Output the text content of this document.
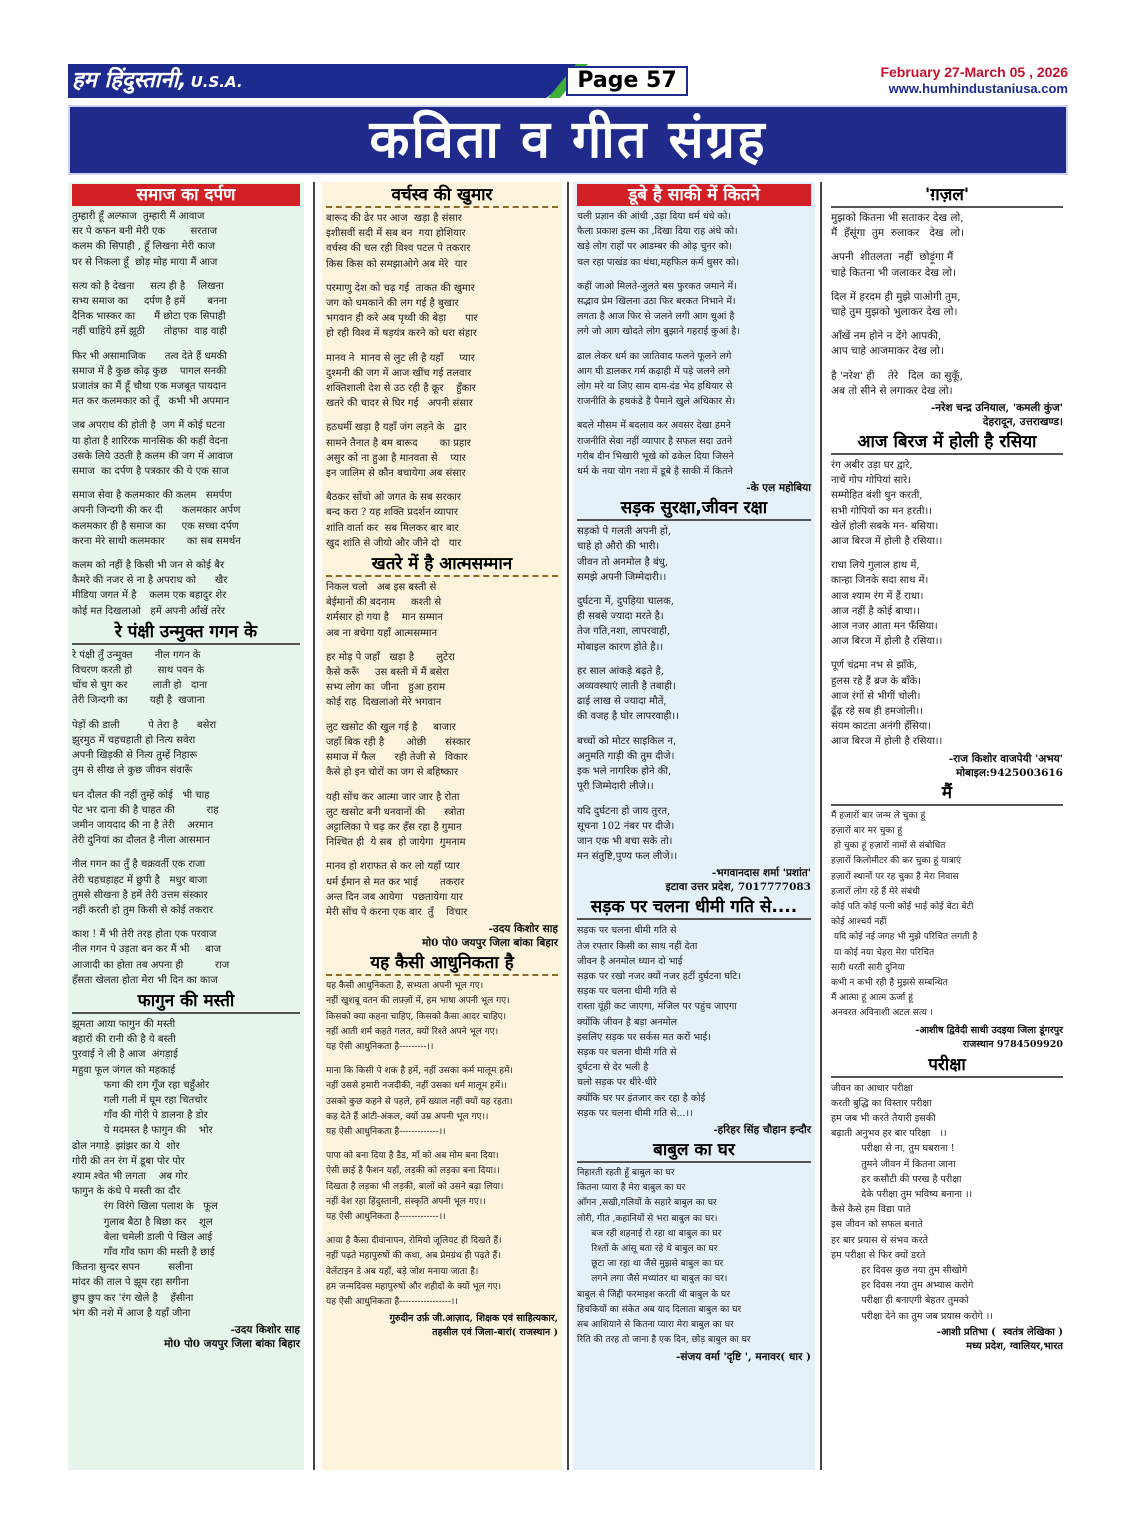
हम हिंदुस्तानी, U.S.A.	Page 57	February 27-March 05 , 2026
www.humhindustaniusa.com
कविता व गीत संग्रह
समाज का दर्पण
तुम्हारी हूँ अल्फाज  तुम्हारी मैं आवाज
सर पे कफन बनी मेरी एक        सरताज
कलम की सिपाही , हूँ लिखना मेरी काज
घर से निकला हूँ  छोड़ मोह माया मैं आज
सत्य को है देखना     सत्य ही है    लिखना
सभ्य समाज का     दर्पण है हमें       बनना
दैनिक भास्कर का      मैं छोटा एक सिपाही
नहीं चाहिये हमें झूठी      तोहफा  वाह वाही
फिर भी असामाजिक      तत्व देते हैं धमकी
समाज में है कुछ कोढ़ कुछ    पागल सनकी
प्रजातंत्र का मैं हूँ चौथा एक मजबूत पायदान
मत कर कलमकार को तूँ   कभी भी अपमान
जब अपराध की होती है  जग में कोई घटना
या होता है शारिरक मानसिक की कहीं वेदना
उसके लिये उठती है कलम की जग में आवाज
समाज  का दर्पण है पत्रकार की ये एक साज
समाज सेवा है कलमकार की कलम   समर्पण
अपनी जिन्दगी की कर दी      कलमकार अर्पण
कलमकार ही है समाज का     एक सच्चा दर्पण
करना मेरे साथी कलमकार       का सब समर्थन
कलम को नहीं है किसी भी जन से कोई बैर
कैमरे की नजर से ना है अपराध को      खैर
मीडिया जगत में है    कलम एक बहादुर शेर
कोई मत दिखलाओ   हमें अपनी आँखें तरेर
रे पंक्षी उन्मुक्त गगन के
रे पंक्षी तुँ उन्मुक्त       नील गगन के
विचरण करती हो        साथ पवन के
चोंच से चुग कर        लाती हो   दाना
तेरी जिन्दगी का       यही है  खजाना
पेड़ों की डाली         पे तेरा है      बसेरा
झुरमुठ में चहचहाती हो नित्य सवेरा
अपनी खिड़की से नित्य तुम्हें निहारू
तुम से सीख ले कुछ जीवन संवारूँ
धन दौलत की नहीं तुम्हें कोई   भी चाह
पेट भर दाना की है चाहत की          राह
जमीन जायदाद की ना है तेरी    अरमान
तेरी दुनियां का दौलत है नीला आसमान
नील गगन का तुँ है चक्रवर्ती एक राजा
तेरी चहचहाहट में छुपी है   मधुर बाजा
तुमसे सीखना है हमें तेरी उत्तम संस्कार
नहीं करती हो तुम किसी से कोई तकरार
काश ! मैं भी तेरी तरह होता एक परवाज
नील गगन पे उड़ता बन कर मैं भी     बाज
आजादी का होता तब अपना ही          राज
हँसता खेलता होता मेरा भी दिन का काज
फागुन की मस्ती
झूमता आया फागुन की मस्ती
बहारों की रानी की है ये बस्ती
पुरवाई ने ली है आज  अंगड़ाई
महुवा फूल जंगल को महकाई
फगा की राग गूँज रहा चहुँओर
गली गली में घूम रहा चितचोर
गाँव की गोरी पे डालना है डोर
ये मदमस्त है फागुन की    भोर
ढोल नगाड़े  झांझर का ये  शोर
गोरी की तन रंग में डूबा पोर पोर
श्याम श्वेत भी लगता    अब गोर
फागुन के कंधे पे मस्ती का दौर
रंग विरंगे खिला पलाश के   फूल
गुलाब बैठा है बिछा कर    शूल
बेला चमेली डाली पे खिल आई
गाँव गाँव फाग की मस्ती है छाई
कितना सुन्दर सपन         सलीना
मांदर की ताल पे झूम रहा सगीना
छुप छुप कर 'रंग खेले है    हँसीना
भंग की नशे में आज है यहाँ जीना
-उदय किशोर साह
मो0 पो0 जयपुर जिला बांका बिहार
वर्चस्व की खुमार
बारूद की ढेर पर आज  खड़ा है संसार
इशीसवीं सदी में सब बन  गया होशियार
वर्चस्व की चल रही विश्व पटल पे तकरार
किस किस को समझाओगे अब मेरे  यार
परमाणु देश को चढ़ गई  ताकत की खुमार
जग को धमकाने की लग गई है बुखार
भगवान ही करे अब पृथ्वी की बेड़ा      पार
हो रही विश्व में षड़यंत्र करने को धरा संहार
मानव ने  मानव से लुट ली है यहाँ     प्यार
दुश्मनी की जग में आज खींच गई तलवार
शक्तिशाली देश से उठ रही है क्रूर    हुँकार
खतरे की चादर से घिर गई   अपनी संसार
हठधर्मी खड़ा है यहाँ जंग लड़ने के   द्वार
सामने तैनात है बम बारूद       का प्रहार
असुर को ना हुआ है मानवता से    प्यार
इन जालिम से कौन बचायेगा अब संसार
बैठकर सोंचो ओ जगत के सब सरकार
बन्द करा ? यह शक्ति प्रदर्शन व्यापार
शांति वार्ता कर  सब मिलकर बार बार
खुद शांति से जीयो और जीने दो   यार
खतरे में है आत्मसम्मान
निकल चलो   अब इस बस्ती से
बेईमानों की बदनाम     कश्ती से
शर्मसार हो गया है    मान सम्मान
अब ना बचेगा यहाँ आत्मसम्मान
हर मोड़ पे जहाँ   खड़ा है       लुटेरा
कैसे करूँ     उस बस्ती में मैं बसेरा
सभ्य लोग का  जीना   हुआ हराम
कोई राह  दिखलाओ मेरे भगवान
लुट खसोट की खुल गई है     बाजार
जहाँ बिक रही है       ओछी      संस्कार
समाज में फैल      रही तेजी से   विकार
कैसे हो इन चोरों का जग से बहिष्कार
यही सोंच कर आत्मा जार जार है रोता
लुट खसोट बनी धनवानों की      स्त्रोता
अट्टालिका पे चढ़ कर हँस रहा है गुमान
निश्चित ही  ये सब  हो जायेगा  गुमनाम
मानव हो शराफत से कर लो यहाँ प्यार
धर्म ईमान से मत कर भाई       तकरार
अन्त दिन जब आयेगा   पछतायेगा यार
मेरी सोंच पे करना एक बार  तुँ    विचार
-उदय किशोर साह
मो0 पो0 जयपुर जिला बांका बिहार
यह कैसी आधुनिकता है
यह कैसी आधुनिकता है, सभ्यता अपनी भूल गए।
नहीं खुशबू वतन की लफ़्ज़ों में, हम भाषा अपनी भूल गए।
किसको क्या कहना चाहिए, किसको कैसा आदर चाहिए।
नहीं आती शर्म कहते गलत, क्यों रिश्ते अपने भूल गए।
यह ऐसी आधुनिकता है---------।।
माना कि किसी पे शक है हमें, नहीं उसका कर्म मालूम हमें।
नहीं उससे हमारी नजदीकी, नहीं उसका धर्म मालूम हमें।।
उसको कुछ कहने से पहले, हमें ख्याल नहीं क्यों यह रहता।
कह देते हैं आंटी-अंकल, क्यों उम्र अपनी भूल गए।।
यह ऐसी आधुनिकता है-------------।।
पापा को बना दिया है डैड, माँ को अब मोम बना दिया।
ऐसी छाई है फैशन यहाँ, लड़की को लड़का बना दिया।।
दिखता है लड़का भी लड़की, बालों को उसने बढ़ा लिया।
नहीं वेश रहा हिंदुस्तानी, संस्कृति अपनी भूल गए।।
यह ऐसी आधुनिकता है-------------।।
आया है कैसा दीवानापन, रोमियो जूलियट ही दिखते हैं।
नहीं पढ़ते महापुरुषों की कथा, अब प्रेमग्रंथ ही पढ़ते हैं।
वेलेंटाइन डे अब यहाँ, बड़े जोश मनाया जाता है।
हम जन्मदिवस महापुरुषों और शहीदों के क्यों भूल गए।
यह ऐसी आधुनिकता है-----------------।।
गुरुदीन उर्फ़ जी.आज़ाद, शिक्षक एवं साहित्यकार,
तहसील एवं जिला-बारां( राजस्थान )
डूबे है साकी में कितने
चली प्रज्ञान की आंधी ,उड़ा दिया धर्म धंधे को।
फैला प्रकाश इल्म का ,दिखा दिया राह अंधे को।
खड़े लोग राहों पर आडम्बर की ओढ़ चुनर को।
चल रहा पाखंड का धंधा,महफिल कर्म धुसर को।
कहीं जाओ मिलते-जुलते बस फुरकत जमाने में।
सद्भाव प्रेम खिलना उठा फिर बरकत निभाने में।
लगता है आज फिर से जलने लगी आग धुआं है
लगे जो आग खोदते लोग बुझाने गहराई कुआं है।
ढाल लेकर धर्म का जातिवाद फलने फूलने लगे
आग घी डालकर गर्म कढ़ाही में पड़े जलने लगे
लोग मरे या जिए साम दाम-दंड भेद हथियार से
राजनीति के हथकंडे है पैमाने खुले अधिकार से।
बदले मौसम में बदलाव कर अवसर देखा हमने
राजनीति सेवा नहीं व्यापार है सफल सदा उतने
गरीब दीन भिखारी भूखे को ढकेल दिया जिसने
धर्म के नया योग नशा में डूबे है साकी में कितने
-के एल महोबिया
सड़क सुरक्षा,जीवन रक्षा
सड़को पे गलती अपनी हो,
चाहे हो औरो की भारी।
जीवन तो अनमोल है बंधु,
समझे अपनी जिम्मेदारी।।
दुर्घटना में, दुपहिया चालक,
ही सबसे ज्यादा मरते है।
तेज गति,नशा, लापरवाही,
मोबाइल कारण होते है।।
हर साल आंकड़े बढ़ते है,
अव्यवस्थाएं लाती है तबाही।
ढाई लाख से ज्यादा मौतें,
की वजह है घोर लापरवाही।।
बच्चों को मोटर साइकिल न,
अनुमति गाड़ी की तुम दीजे।
इक भले नागरिक होने की,
पूरी जिम्मेदारी लीजे।।
यदि दुर्घटना हो जाय तुरत,
सूचना 102 नंबर पर दीजे।
जान एक भी बचा सके तो।
मन संतुष्टि,पुण्य फल लीजे।।
-भगवानदास शर्मा 'प्रशांत'
इटावा उत्तर प्रदेश, 7017777083
सड़क पर चलना धीमी गति से....
सड़क पर चलना धीमी गति से
तेज रफ्तार किसी का साथ नहीं देता
जीवन है अनमोल ध्यान दो भाई
सड़क पर रखो नजर क्यों नजर हटीं दुर्घटना घटि।
सड़क पर चलना धीमी गति से
रास्ता यूंही कट जाएगा, मंजिल पर पहुंच जाएगा
क्योंकि जीवन है बड़ा अनमोल
इसलिए सड़क पर सर्कस मत करों भाई।
सड़क पर चलना धीमी गति से
दुर्घटना से देर भली है
चलो सड़क पर धीरे-धीरे
क्योंकि घर पर इंतजार कर रहा है कोई
सड़क पर चलना धीमी गति से...।।
-हरिहर सिंह चौहान इन्दौर
बाबुल का घर
निहारती रहती हूँ बाबुल का घर
कितना प्यारा है मेरा बाबुल का घर
आँगन ,सखी,गलियों के सहारे बाबुल का घर
लोरी, गीत ,कहानियों से भरा बाबुल का घर।
बज रही शहनाई रो रहा था बाबुल का घर
रिश्तों के आंसू बता रहे थे बाबुल का घर
छूटा जा रहा था जैसे मुझसे बाबुल का घर
लगने लगा जैसे मध्यांतर था बाबुल का घर।
बाबुल से जिद्दी फरमाइश करती थी बाबुल के घर
हिचकियों का संकेत अब याद दिलाता बाबुल का घर
सब आशियाने से कितना प्यारा मेरा बाबुल का घर
रिति की तरह तो जाना है एक दिन, छोड़ बाबुल का घर
-संजय वर्मा 'दृष्टि ', मनावर( धार )
'ग़ज़ल'
मुझको कितना भी सताकर देख लो,
मैं  हँसूंगा  तुम  रुलाकर   देख  लो।
अपनी  शीतलता  नहीं  छोड़ूंगा मैं
चाहे कितना भी जलाकर देख लो।
दिल में हरदम ही मुझे पाओगी तुम,
चाहे तुम मुझको भुलाकर देख लो।
आँखें नम होने न देंगे आपकी,
आप चाहे आजमाकर देख लो।
है 'नरेश' ही    तेरे   दिल  का सुकूँ,
अब तो सीने से लगाकर देख लो।
-नरेश चन्द्र उनियाल, 'कमली कुंज'
देहरादून, उत्तराखण्ड।
आज बिरज में होली है रसिया
रंग अबीर उड़ा घर द्वारे,
नाचें गोप गोपियां सारे।
सम्मोहित बंशी धुन करती,
सभी गोपियों का मन हरती।।
खेलें होली सबके मन- बसिया।
आज बिरज में होली है रसिया।।
राधा लिये गुलाल हाथ में,
कान्हा जिनके सदा साथ में।
आज श्याम रंग में हैं राधा।
आज नहीं है कोई बाधा।।
आज नजर आता मन फँसिया।
आज बिरज में होली है रसिया।।
पूर्ण चंद्रमा नभ से झाँके,
हुलस रहे हैं ब्रज के बाँके।
आज रंगों से भीगीं चोली।
ढूँढ़ रहे सब ही हमजोली।।
संयम काटता अनंगी हँसिया।
आज बिरज में होली है रसिया।।
-राज किशोर वाजपेयी 'अभय'
मोबाइल:9425003616
मैं
मैं हजारों बार जन्म ले चुका हूं
हज़ारों बार मर चुका हूं
हो चुका हूं हज़ारों नामों से संबोधित
हज़ारों किलोमीटर की कर चुका हूं यात्राएं
हज़ारों स्थानों पर रह चुका है मेरा निवास
हजारों लोग रहे हैं मेरे संबंधी
कोई पति कोई पत्नी कोई भाई कोई बेटा बेटी
कोई आश्चर्य नहीं
यदि कोई नई जगह भी मुझे परिचित लगती है
या कोई नया चेहरा मेरा परिचित
सारी धरती सारी दुनिया
कभी न कभी रही है मुझसे सम्बन्धित
मैं आत्मा हूं आत्म ऊर्जा हूं
अनवरत अविनाशी अटल सत्य ।
-आशीष द्विवेदी साथी उदइया जिला डूंगरपुर
राजस्थान 9784509920
परीक्षा
जीवन का आधार परीक्षा
करती बुद्धि का विस्तार परीक्षा
हम जब भी करते तैयारी इसकी
बढ़ाती अनुभव हर बार परिक्षा   ।।
परीक्षा से ना, तुम घबराना !
तुमने जीवन में कितना जाना
हर कसौटी की परख है परीक्षा
देके परीक्षा तुम भविष्य बनाना ।।
कैसे कैसे हम विद्या पाते
इस जीवन को सफल बनाते
हर बार प्रयास से संभव करते
हम परीक्षा से फिर क्यों डरते
हर दिवस कुछ नया तुम सीखोगे
हर दिवस नया तुम अभ्यास करोगे
परीक्षा ही बनाएगी बेहतर तुमको
परीक्षा देने का तुम जब प्रयास करोगे ।।
-आशी प्रतिभा (  स्वतंत्र लेखिका )
मध्य प्रदेश, ग्वालियर,भारत
